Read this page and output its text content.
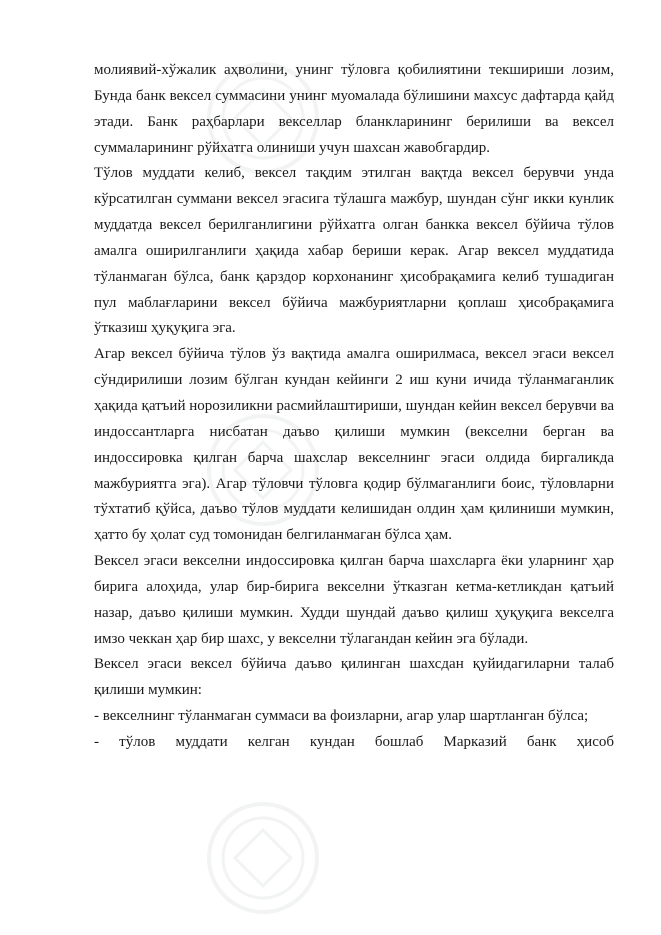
молиявий-хўжалик аҳволини, унинг тўловга қобилиятини текшириши лозим, Бунда банк вексел суммасини унинг муомалада бўлишини махсус дафтарда қайд этади. Банк раҳбарлари векселлар бланкларининг берилиши ва вексел суммаларининг рўйхатга олиниши учун шахсан жавобгардир.

Тўлов муддати келиб, вексел тақдим этилган вақтда вексел берувчи унда кўрсатилган суммани вексел эгасига тўлашга мажбур, шундан сўнг икки кунлик муддатда вексел берилганлигини рўйхатга олган банкка вексел бўйича тўлов амалга оширилганлиги ҳақида хабар бериши керак. Агар вексел муддатида тўланмаган бўлса, банк қарздор корхонанинг ҳисобрақамига келиб тушадиган пул маблағларини вексел бўйича мажбуриятларни қоплаш ҳисобрақамига ўтказиш ҳуқуқига эга.

Агар вексел бўйича тўлов ўз вақтида амалга оширилмаса, вексел эгаси вексел сўндирилиши лозим бўлган кундан кейинги 2 иш куни ичида тўланмаганлик ҳақида қатъий норозиликни расмийлаштириши, шундан кейин вексел берувчи ва индоссантларга нисбатан даъво қилиши мумкин (векселни берган ва индоссировка қилган барча шахслар векселнинг эгаси олдида биргаликда мажбуриятга эга). Агар тўловчи тўловга қодир бўлмаганлиги боис, тўловларни тўхтатиб қўйса, даъво тўлов муддати келишидан олдин ҳам қилиниши мумкин, ҳатто бу ҳолат суд томонидан белгиланмаган бўлса ҳам.

Вексел эгаси векселни индоссировка қилган барча шахсларга ёки уларнинг ҳар бирига алоҳида, улар бир-бирига векселни ўтказган кетма-кетликдан қатъий назар, даъво қилиши мумкин. Худди шундай даъво қилиш ҳуқуқига векселга имзо чеккан ҳар бир шахс, у векселни тўлагандан кейин эга бўлади.

Вексел эгаси вексел бўйича даъво қилинган шахсдан қуйидагиларни талаб қилиши мумкин:

- векселнинг тўланмаган суммаси ва фоизларни, агар улар шартланган бўлса;

- тўлов муддати келган кундан бошлаб Марказий банк ҳисоб
